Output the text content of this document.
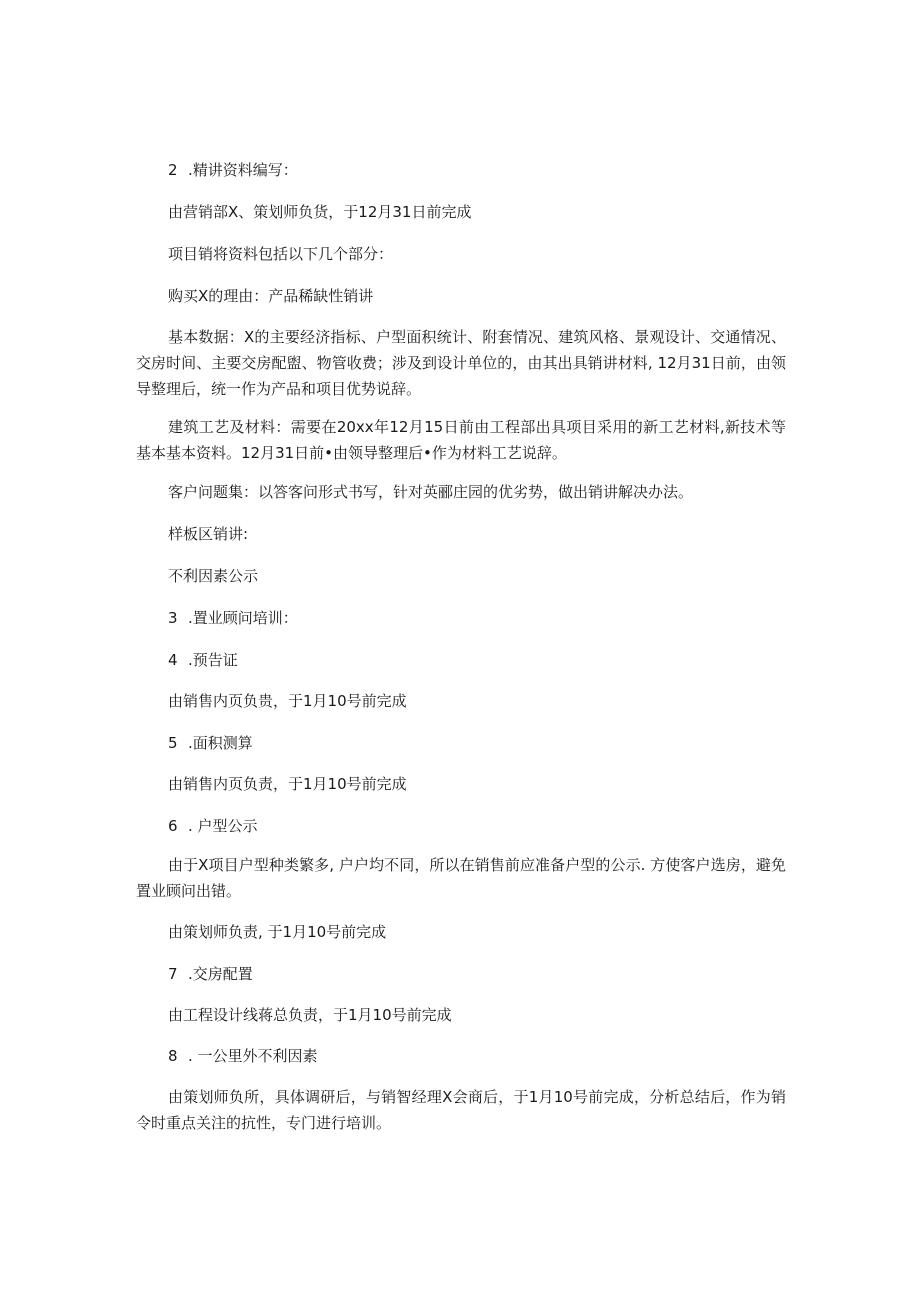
2 .精讲资料编写：
由营销部X、策划师负货，于12月31日前完成
项目销将资料包括以下几个部分：
购买X的理由：产品稀缺性销讲
基本数据：X的主要经济指标、户型面积统计、附套情况、建筑风格、景观设计、交通情况、交房时间、主要交房配盥、物管收费；涉及到设计单位的，由其出具销讲材料, 12月31日前，由领导整理后，统一作为产品和项目优势说辞。
建筑工艺及材料：需要在20xx年12月15日前由工程部出具项目采用的新工艺材料,新技术等基本基本资料。12月31日前•由领导整理后•作为材料工艺说辞。
客户问题集：以答客问形式书写，针对英郦庄园的优劣势，做出销讲解决办法。
样板区销讲:
不利因素公示
3 .置业顾问培训：
4 .预告证
由销售内页负贵，于1月10号前完成
5 .面积测算
由销售内页负责，于1月10号前完成
6 . 户型公示
由于X项目户型种类繁多, 户户均不同，所以在销售前应准备户型的公示. 方使客户选房，避免置业顾问出错。
由策划师负责, 于1月10号前完成
7 .交房配置
由工程设计线蒋总负责，于1月10号前完成
8 . 一公里外不利因素
由策划师负所，具体调研后，与销智经理X会商后，于1月10号前完成，分析总结后，作为销令时重点关注的抗性，专门进行培训。
